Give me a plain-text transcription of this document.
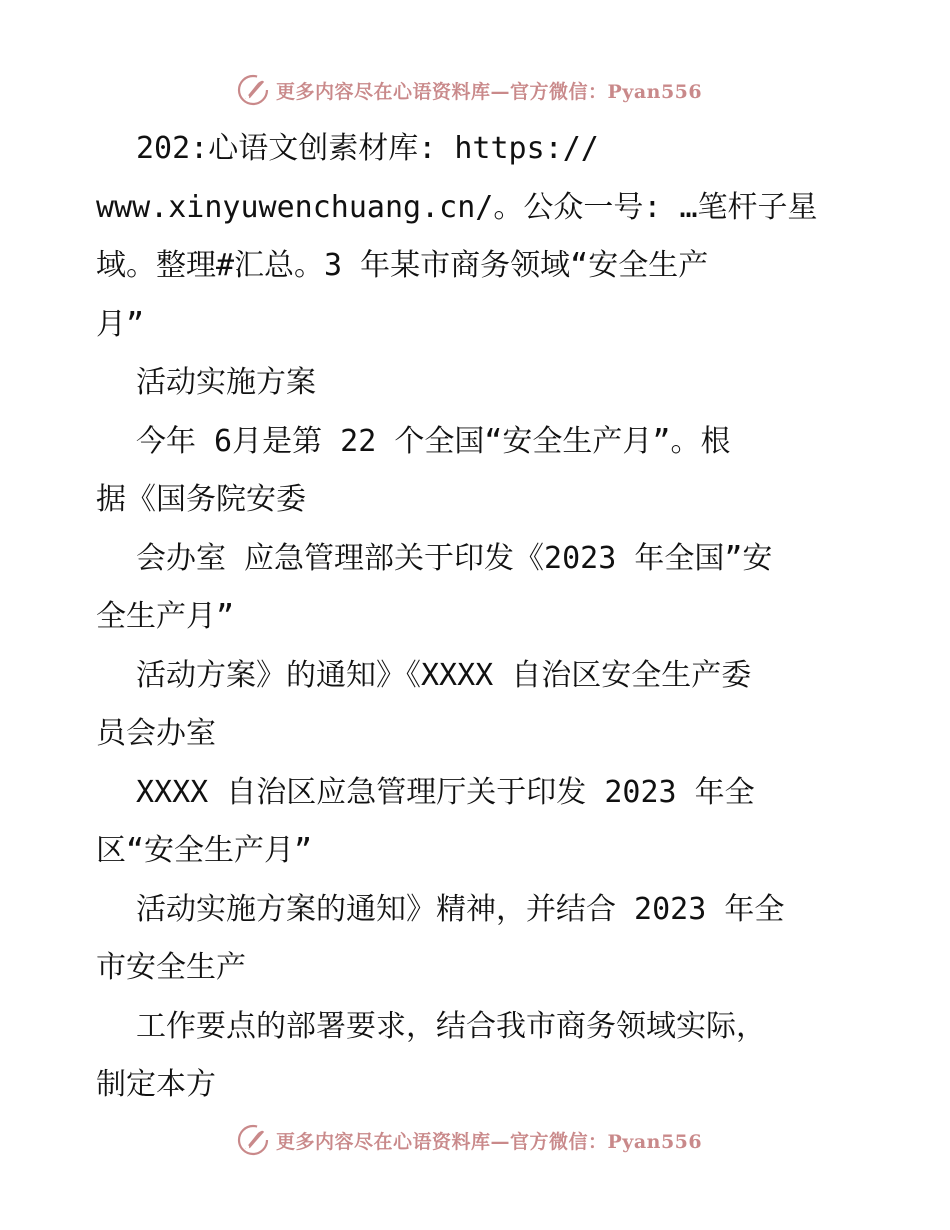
更多内容尽在心语资料库—官方微信：Pyan556
202:心语文创素材库: https://
www.xinyuwenchuang.cn/。公众一号: …笔杆子星
域。整理#汇总。3 年某市商务领域“安全生产
月”
活动实施方案
今年 6月是第 22 个全国“安全生产月”。根
据《国务院安委
会办室 应急管理部关于印发《2023 年全国”安
全生产月”
活动方案》的通知》《XXXX 自治区安全生产委
员会办室
XXXX 自治区应急管理厅关于印发 2023 年全
区“安全生产月”
活动实施方案的通知》精神，并结合 2023 年全
市安全生产
工作要点的部署要求，结合我市商务领域实际，
制定本方
更多内容尽在心语资料库—官方微信：Pyan556
